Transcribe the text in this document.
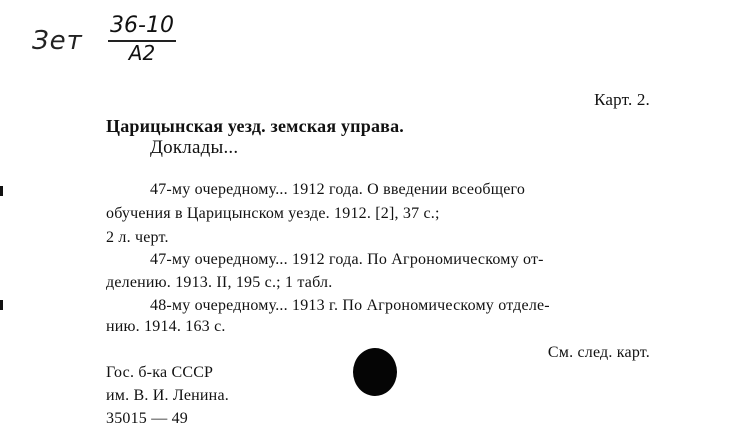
Зет
36-10
А2
Карт. 2.
Царицынская уезд. земская управа.
Доклады...
47-му очередному... 1912 года. О введении всеобщего
обучения в Царицынском уезде. 1912. [2], 37 с.;
2 л. черт.
47-му очередному... 1912 года. По Агрономическому от-
делению. 1913. II, 195 с.; 1 табл.
48-му очередному... 1913 г. По Агрономическому отделе-
нию. 1914. 163 с.
См. след. карт.
Гос. б-ка СССР
им. В. И. Ленина.
35015 — 49
